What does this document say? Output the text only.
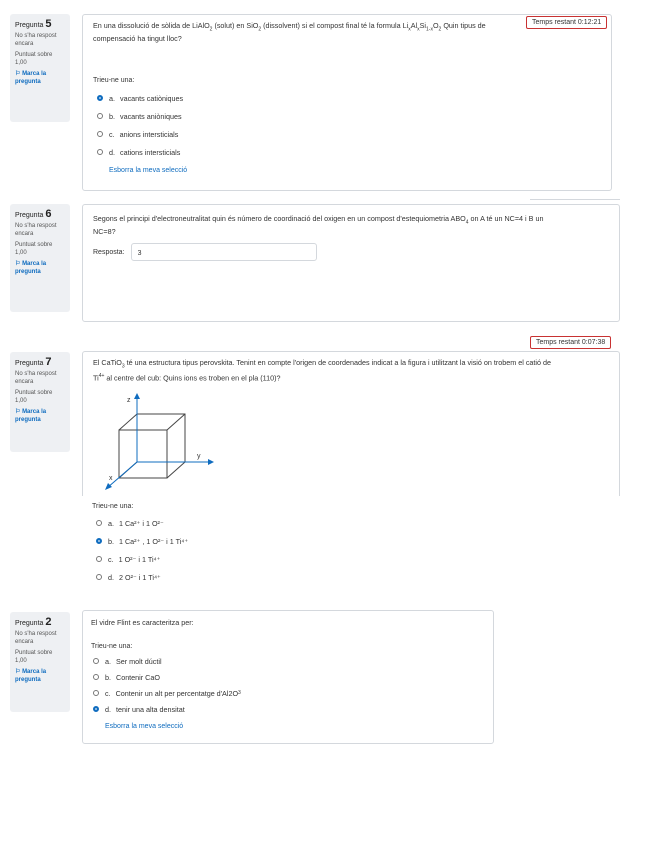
Pregunta 5
No s'ha respost encara
Puntuat sobre 1,00
⚐ Marca la pregunta
En una dissolució de sòlida de LiAlO$_2$ (solut) en SiO$_2$ (dissolvent) si el compost final té la formula $Li_xAl_xSi_{1-x}O_2$ Quin tipus de
compensació ha tingut lloc?
Trieu-ne una:
a. vacants catiòniques
b. vacants aniòniques
c. anions intersticials
d. cations intersticials
Esborra la meva selecció
Temps restant 0:12:21
Pregunta 6
No s'ha respost encara
Puntuat sobre 1,00
⚐ Marca la pregunta
Segons el principi d'electroneutralitat quin és número de coordinació del oxigen en un compost d'estequiometria $ABO_4$ on A té un NC=4 i B un
NC=8?
Resposta:
3
Temps restant 0:07:38
Pregunta 7
No s'ha respost encara
Puntuat sobre 1,00
⚐ Marca la pregunta
El CaTiO$_3$ té una estructura tipus perovskita. Tenint en compte l'origen de coordenades indicat a la figura i utilitzant la visió on trobem el catió de
$Ti^{4+}$ al centre del cub: Quins ions es troben en el pla (110)?
z
y
x
Trieu-ne una:
a. 1 Ca²⁺ i 1 O²⁻
b. 1 Ca²⁺ , 1 O²⁻ i 1 Ti⁴⁺
c. 1 O²⁻ i 1 Ti⁴⁺
d. 2 O²⁻ i 1 Ti⁴⁺
Pregunta 2
No s'ha respost encara
Puntuat sobre 1,00
⚐ Marca la pregunta
El vidre Flint es caracteritza per:
Trieu-ne una:
a. Ser molt dúctil
b. Contenir CaO
c. Contenir un alt per percentatge d'Al2O 3
d. tenir una alta densitat
Esborra la meva selecció
